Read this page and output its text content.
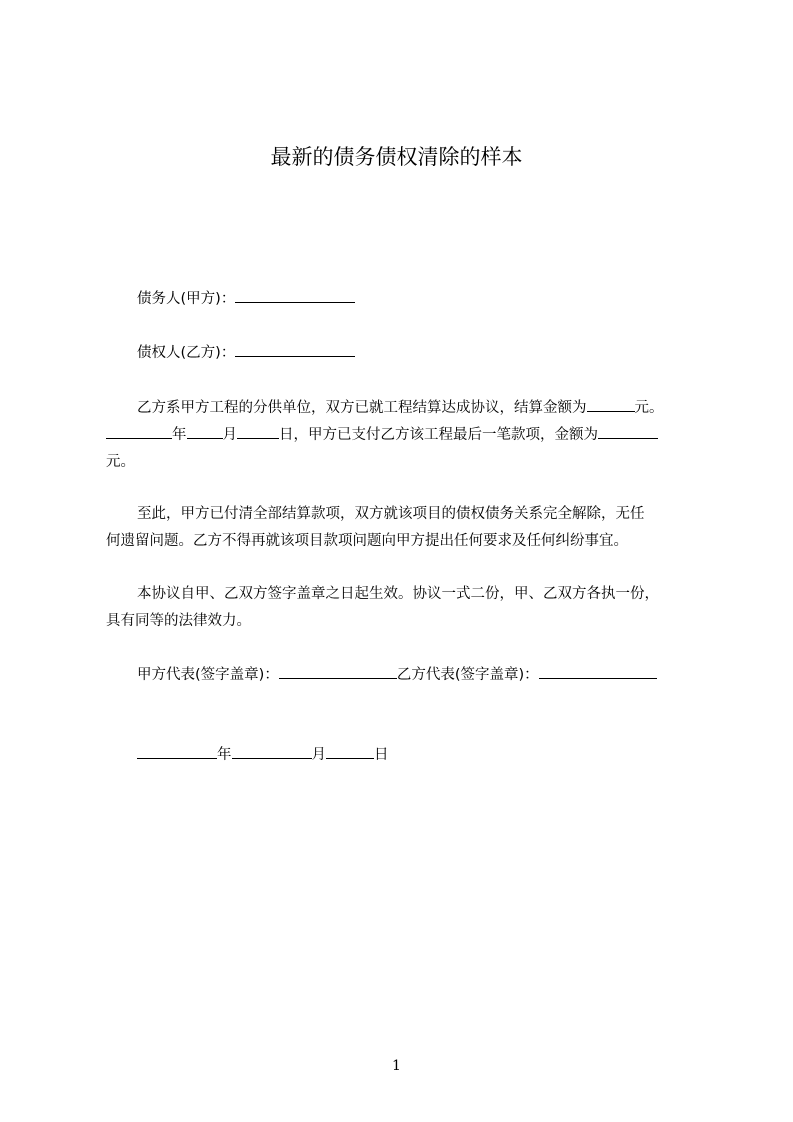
最新的债务债权清除的样本

债务人(甲方)：

债权人(乙方)：

乙方系甲方工程的分供单位，双方已就工程结算达成协议，结算金额为	元。

年 月	日，甲方已支付乙方该工程最后一笔款项，金额为

元。

至此，甲方已付清全部结算款项，双方就该项目的债权债务关系完全解除，无任

何遗留问题。乙方不得再就该项目款项问题向甲方提出任何要求及任何纠纷事宜。

本协议自甲、乙双方签字盖章之日起生效。协议一式二份，甲、乙双方各执一份，

具有同等的法律效力。

甲方代表(签字盖章)：	乙方代表(签字盖章)：

年	月	日

1
